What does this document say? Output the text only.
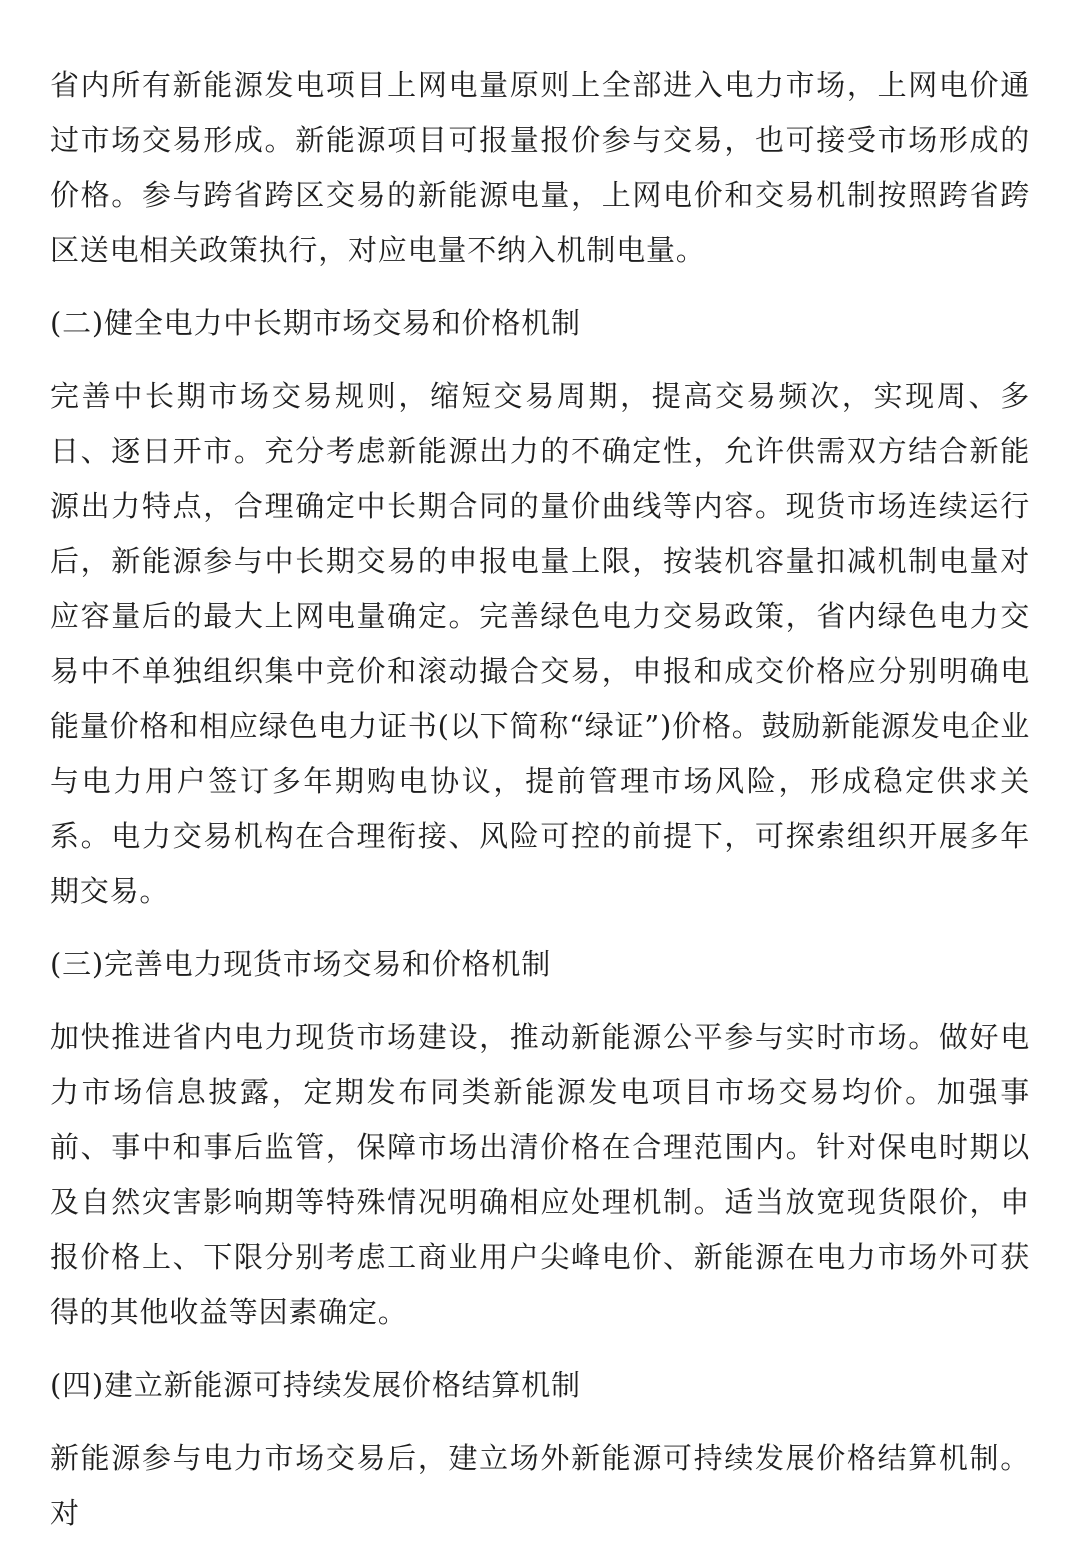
省内所有新能源发电项目上网电量原则上全部进入电力市场，上网电价通过市场交易形成。新能源项目可报量报价参与交易，也可接受市场形成的价格。参与跨省跨区交易的新能源电量，上网电价和交易机制按照跨省跨区送电相关政策执行，对应电量不纳入机制电量。

(二)健全电力中长期市场交易和价格机制

完善中长期市场交易规则，缩短交易周期，提高交易频次，实现周、多日、逐日开市。充分考虑新能源出力的不确定性，允许供需双方结合新能源出力特点，合理确定中长期合同的量价曲线等内容。现货市场连续运行后，新能源参与中长期交易的申报电量上限，按装机容量扣减机制电量对应容量后的最大上网电量确定。完善绿色电力交易政策，省内绿色电力交易中不单独组织集中竞价和滚动撮合交易，申报和成交价格应分别明确电能量价格和相应绿色电力证书(以下简称“绿证”)价格。鼓励新能源发电企业与电力用户签订多年期购电协议，提前管理市场风险，形成稳定供求关系。电力交易机构在合理衔接、风险可控的前提下，可探索组织开展多年期交易。

(三)完善电力现货市场交易和价格机制

加快推进省内电力现货市场建设，推动新能源公平参与实时市场。做好电力市场信息披露，定期发布同类新能源发电项目市场交易均价。加强事前、事中和事后监管，保障市场出清价格在合理范围内。针对保电时期以及自然灾害影响期等特殊情况明确相应处理机制。适当放宽现货限价，申报价格上、下限分别考虑工商业用户尖峰电价、新能源在电力市场外可获得的其他收益等因素确定。

(四)建立新能源可持续发展价格结算机制

新能源参与电力市场交易后，建立场外新能源可持续发展价格结算机制。对
